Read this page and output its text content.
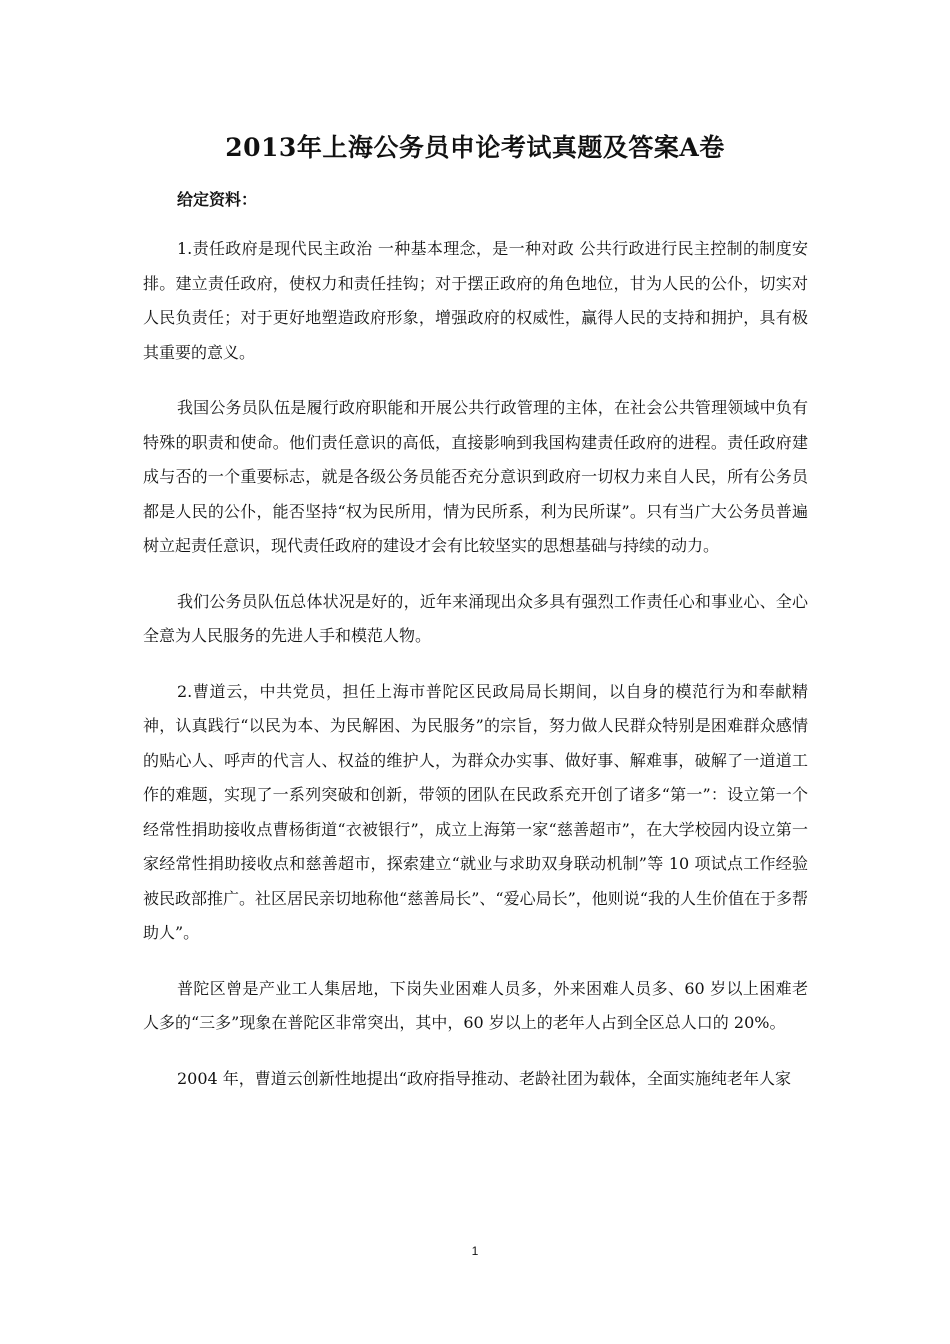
2013年上海公务员申论考试真题及答案A卷
给定资料：

1.责任政府是现代民主政治 一种基本理念，是一种对政 公共行政进行民主控制的制度安排。建立责任政府，使权力和责任挂钩；对于摆正政府的角色地位，甘为人民的公仆，切实对人民负责任；对于更好地塑造政府形象，增强政府的权威性，赢得人民的支持和拥护，具有极其重要的意义。

我国公务员队伍是履行政府职能和开展公共行政管理的主体，在社会公共管理领域中负有特殊的职责和使命。他们责任意识的高低，直接影响到我国构建责任政府的进程。责任政府建成与否的一个重要标志，就是各级公务员能否充分意识到政府一切权力来自人民，所有公务员都是人民的公仆，能否坚持“权为民所用，情为民所系，利为民所谋”。只有当广大公务员普遍树立起责任意识，现代责任政府的建设才会有比较坚实的思想基础与持续的动力。

我们公务员队伍总体状况是好的，近年来涌现出众多具有强烈工作责任心和事业心、全心全意为人民服务的先进人手和模范人物。

2.曹道云，中共党员，担任上海市普陀区民政局局长期间，以自身的模范行为和奉献精神，认真践行“以民为本、为民解困、为民服务”的宗旨，努力做人民群众特别是困难群众感情的贴心人、呼声的代言人、权益的维护人，为群众办实事、做好事、解难事，破解了一道道工作的难题，实现了一系列突破和创新，带领的团队在民政系充开创了诸多“第一”：设立第一个经常性捐助接收点曹杨街道“衣被银行”，成立上海第一家“慈善超市”，在大学校园内设立第一家经常性捐助接收点和慈善超市，探索建立“就业与求助双身联动机制”等 10 项试点工作经验被民政部推广。社区居民亲切地称他“慈善局长”、“爱心局长”，他则说“我的人生价值在于多帮助人”。

普陀区曾是产业工人集居地，下岗失业困难人员多，外来困难人员多、60 岁以上困难老人多的“三多”现象在普陀区非常突出，其中，60 岁以上的老年人占到全区总人口的 20%。

2004 年，曹道云创新性地提出“政府指导推动、老龄社团为载体，全面实施纯老年人家

1
